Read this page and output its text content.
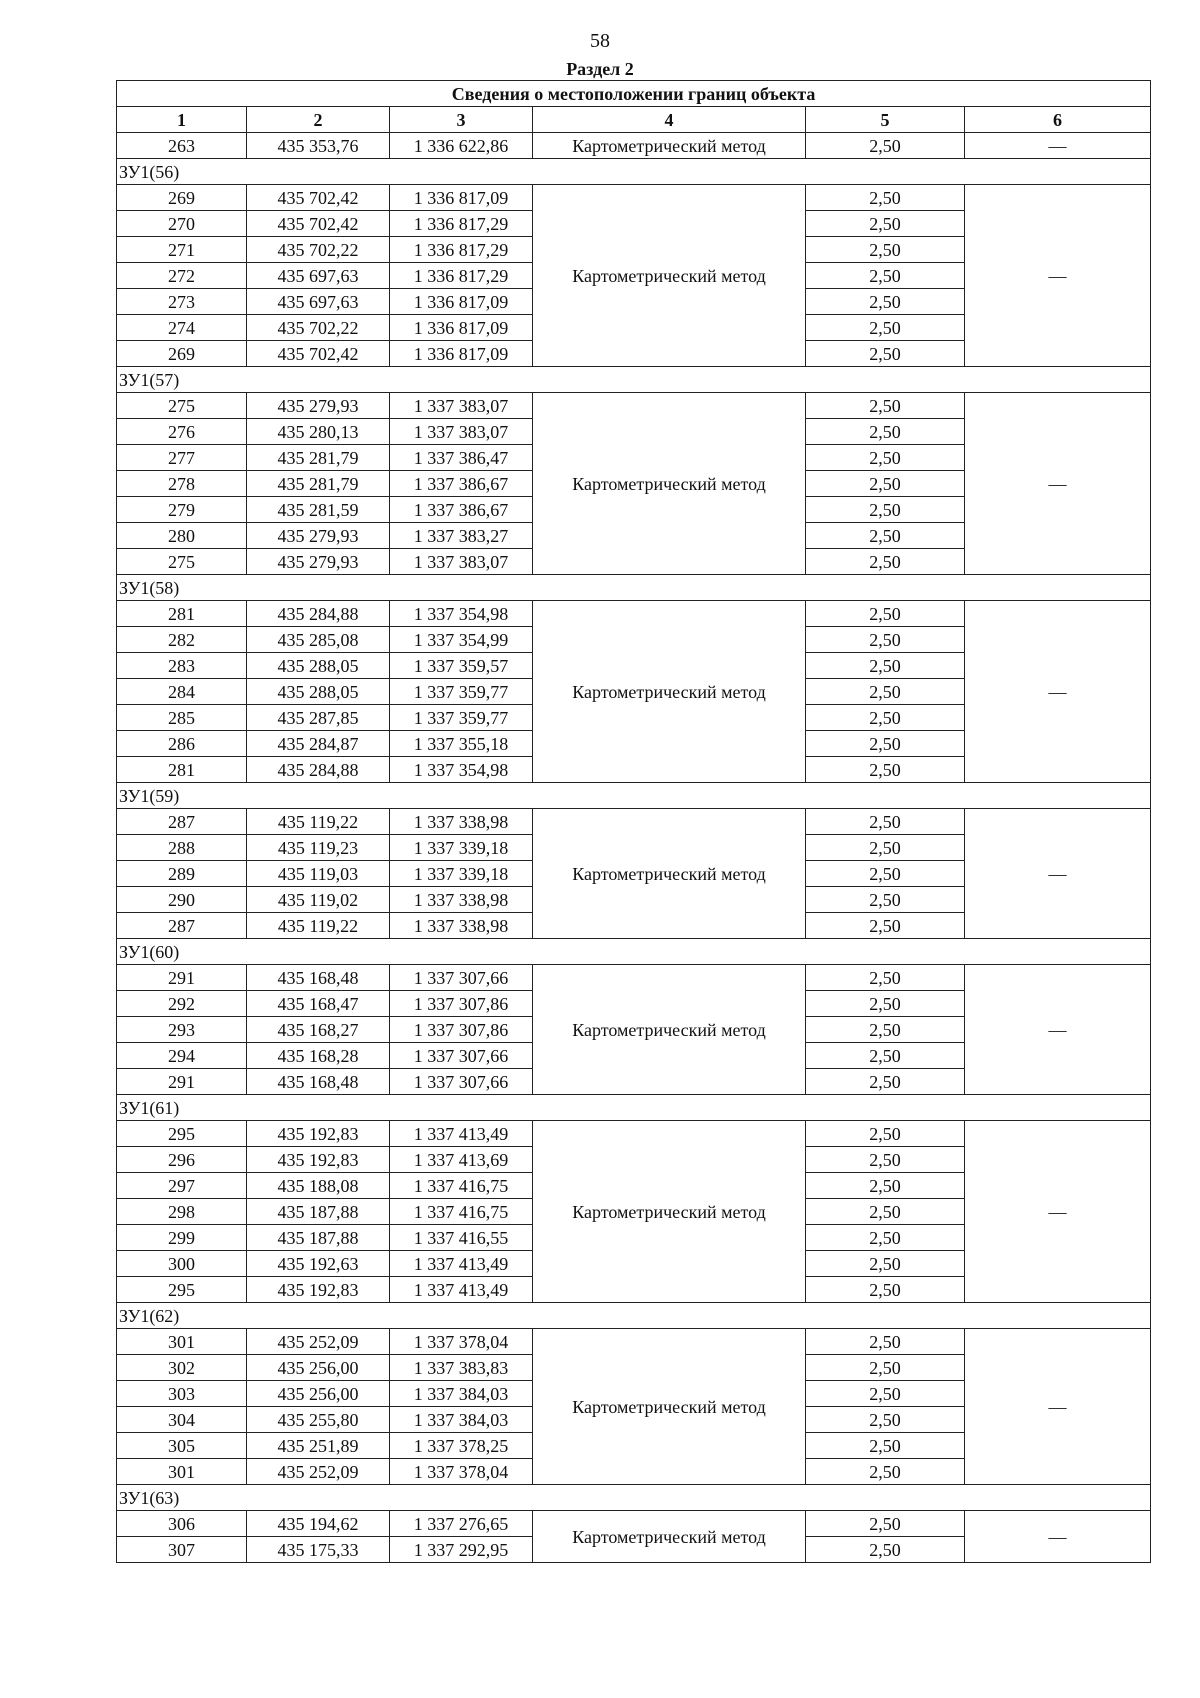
58
Раздел 2
Сведения о местоположении границ объекта					
1	2	3	4	5	6
263	435 353,76	1 336 622,86	Картометрический метод	2,50	—
ЗУ1(56)					
269	435 702,42	1 336 817,09	Картометрический метод	2,50	—
270	435 702,42	1 336 817,29		2,50	
271	435 702,22	1 336 817,29		2,50	
272	435 697,63	1 336 817,29		2,50	
273	435 697,63	1 336 817,09		2,50	
274	435 702,22	1 336 817,09		2,50	
269	435 702,42	1 336 817,09		2,50	
ЗУ1(57)					
275	435 279,93	1 337 383,07	Картометрический метод	2,50	—
276	435 280,13	1 337 383,07		2,50	
277	435 281,79	1 337 386,47		2,50	
278	435 281,79	1 337 386,67		2,50	
279	435 281,59	1 337 386,67		2,50	
280	435 279,93	1 337 383,27		2,50	
275	435 279,93	1 337 383,07		2,50	
ЗУ1(58)					
281	435 284,88	1 337 354,98	Картометрический метод	2,50	—
282	435 285,08	1 337 354,99		2,50	
283	435 288,05	1 337 359,57		2,50	
284	435 288,05	1 337 359,77		2,50	
285	435 287,85	1 337 359,77		2,50	
286	435 284,87	1 337 355,18		2,50	
281	435 284,88	1 337 354,98		2,50	
ЗУ1(59)					
287	435 119,22	1 337 338,98	Картометрический метод	2,50	—
288	435 119,23	1 337 339,18		2,50	
289	435 119,03	1 337 339,18		2,50	
290	435 119,02	1 337 338,98		2,50	
287	435 119,22	1 337 338,98		2,50	
ЗУ1(60)					
291	435 168,48	1 337 307,66	Картометрический метод	2,50	—
292	435 168,47	1 337 307,86		2,50	
293	435 168,27	1 337 307,86		2,50	
294	435 168,28	1 337 307,66		2,50	
291	435 168,48	1 337 307,66		2,50	
ЗУ1(61)					
295	435 192,83	1 337 413,49	Картометрический метод	2,50	—
296	435 192,83	1 337 413,69		2,50	
297	435 188,08	1 337 416,75		2,50	
298	435 187,88	1 337 416,75		2,50	
299	435 187,88	1 337 416,55		2,50	
300	435 192,63	1 337 413,49		2,50	
295	435 192,83	1 337 413,49		2,50	
ЗУ1(62)					
301	435 252,09	1 337 378,04	Картометрический метод	2,50	—
302	435 256,00	1 337 383,83		2,50	
303	435 256,00	1 337 384,03		2,50	
304	435 255,80	1 337 384,03		2,50	
305	435 251,89	1 337 378,25		2,50	
301	435 252,09	1 337 378,04		2,50	
ЗУ1(63)					
306	435 194,62	1 337 276,65	Картометрический метод	2,50	—
307	435 175,33	1 337 292,95		2,50	
